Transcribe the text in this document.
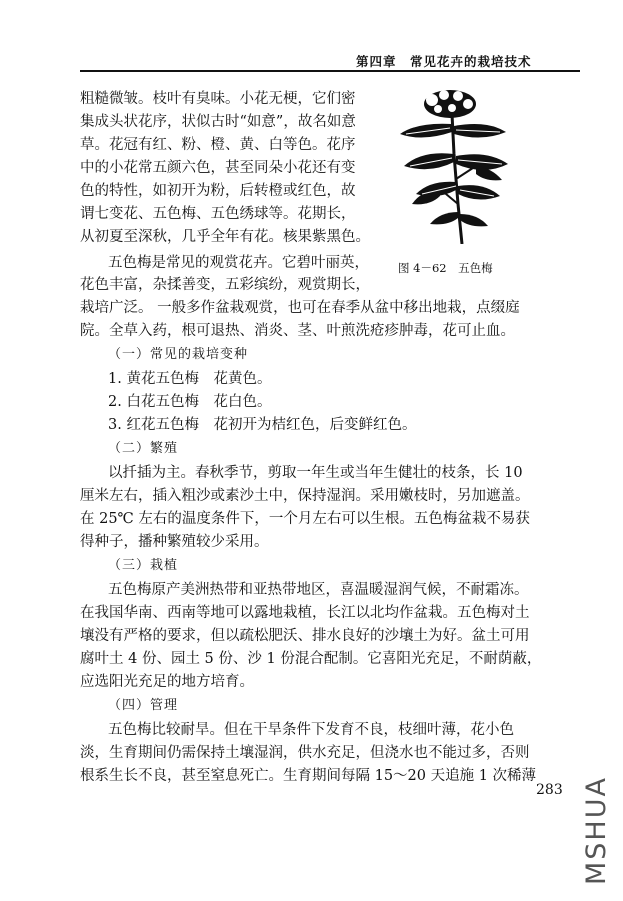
第四章　常见花卉的栽培技术
粗糙微皱。枝叶有臭味。小花无梗，它们密
集成头状花序，状似古时“如意”，故名如意
草。花冠有红、粉、橙、黄、白等色。花序
中的小花常五颜六色，甚至同朵小花还有变
色的特性，如初开为粉，后转橙或红色，故
谓七变花、五色梅、五色绣球等。花期长，
从初夏至深秋，几乎全年有花。核果紫黑色。
五色梅是常见的观赏花卉。它碧叶丽英，
花色丰富，杂揉善变，五彩缤纷，观赏期长，
栽培广泛。 一般多作盆栽观赏，也可在春季从盆中移出地栽，点缀庭
院。全草入药，根可退热、消炎、茎、叶煎洗疮疹肿毒，花可止血。
图 4－62　五色梅
（一）常见的栽培变种
1. 黄花五色梅　花黄色。
2. 白花五色梅　花白色。
3. 红花五色梅　花初开为桔红色，后变鲜红色。
（二）繁殖
以扦插为主。春秋季节，剪取一年生或当年生健壮的枝条，长 10
厘米左右，插入粗沙或素沙土中，保持湿润。采用嫩枝时，另加遮盖。
在 25℃ 左右的温度条件下，一个月左右可以生根。五色梅盆栽不易获
得种子，播种繁殖较少采用。
（三）栽植
五色梅原产美洲热带和亚热带地区，喜温暖湿润气候，不耐霜冻。
在我国华南、西南等地可以露地栽植，长江以北均作盆栽。五色梅对土
壤没有严格的要求，但以疏松肥沃、排水良好的沙壤土为好。盆土可用
腐叶土 4 份、园土 5 份、沙 1 份混合配制。它喜阳光充足，不耐荫蔽，
应选阳光充足的地方培育。
（四）管理
五色梅比较耐旱。但在干旱条件下发育不良，枝细叶薄，花小色
淡，生育期间仍需保持土壤湿润，供水充足，但浇水也不能过多，否则
根系生长不良，甚至窒息死亡。生育期间每隔 15～20 天追施 1 次稀薄
283 MSHUA
